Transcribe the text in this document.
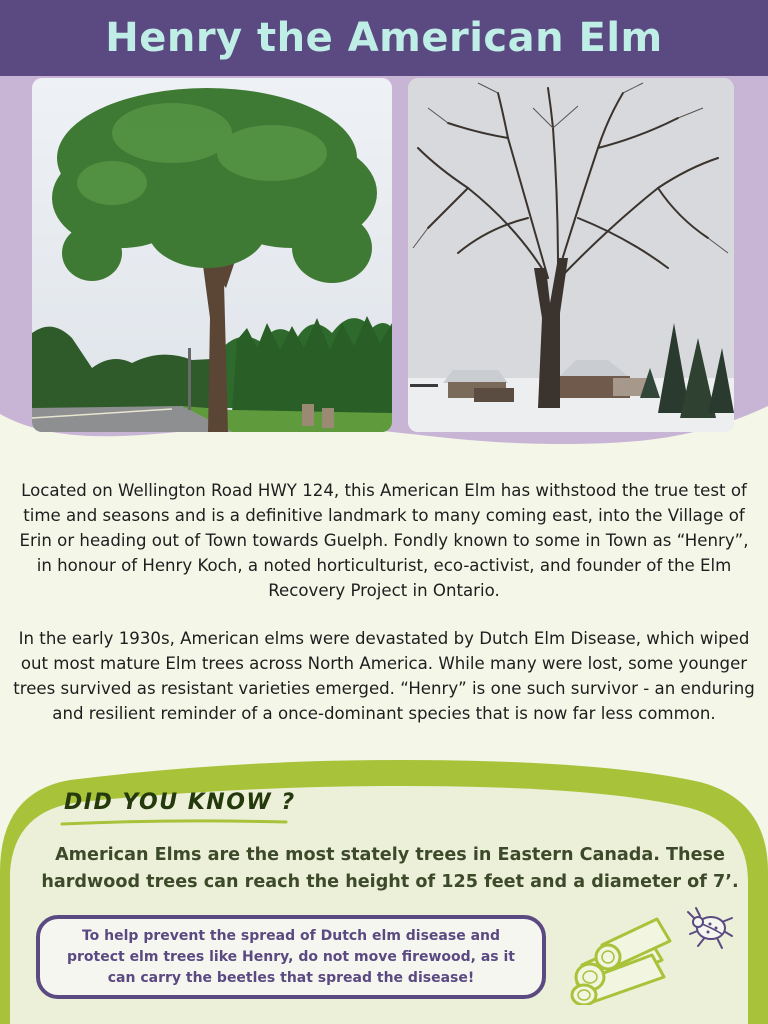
Henry the American Elm

Located on Wellington Road HWY 124, this American Elm has withstood the true test of time and seasons and is a definitive landmark to many coming east, into the Village of Erin or heading out of Town towards Guelph. Fondly known to some in Town as “Henry”, in honour of Henry Koch, a noted horticulturist, eco-activist, and founder of the Elm Recovery Project in Ontario.

In the early 1930s, American elms were devastated by Dutch Elm Disease, which wiped out most mature Elm trees across North America. While many were lost, some younger trees survived as resistant varieties emerged. “Henry” is one such survivor - an enduring and resilient reminder of a once-dominant species that is now far less common.

DID YOU KNOW ?

American Elms are the most stately trees in Eastern Canada. These hardwood trees can reach the height of 125 feet and a diameter of 7’.

To help prevent the spread of Dutch elm disease and protect elm trees like Henry, do not move firewood, as it can carry the beetles that spread the disease!
